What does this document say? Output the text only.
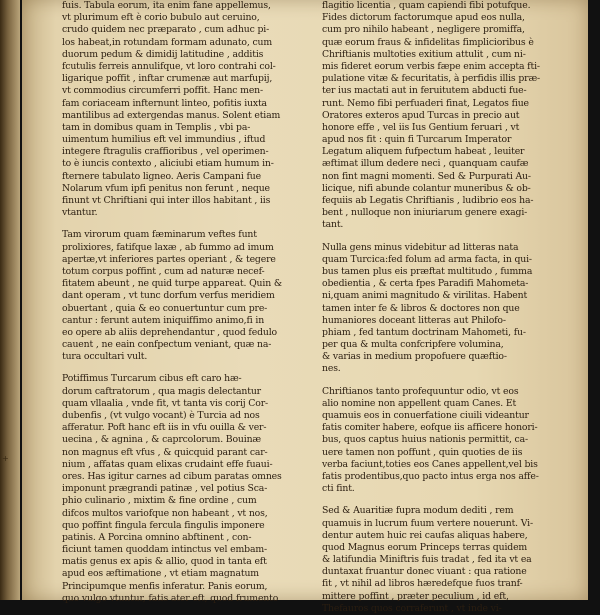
fuis. Tabula eorum, ita enim fane appellemus,
vt plurimum eft è corio bubulo aut ceruino,
crudo quidem nec præparato , cum adhuc pi-
los habeat,in rotundam formam adunato, cum
duorum pedum & dimidij latitudine , additis
fcutulis ferreis annulifque, vt loro contrahi col-
ligarique poffit , inftar crumenæ aut marfupij,
vt commodius circumferri poffit. Hanc men-
fam coriaceam infternunt linteo, pofitis iuxta
mantilibus ad extergendas manus. Solent etiam
tam in domibus quam in Templis , vbi pa-
uimentum humilius eft vel immundius , iftud
integere ftragulis craffioribus , vel operimen-
to è iuncis contexto , aliciubi etiam humum in-
fternere tabulato ligneo. Aeris Campani fue
Nolarum vfum ipfi penitus non ferunt , neque
finunt vt Chriftiani qui inter illos habitant , iis
vtantur.
Tam virorum quam fæminarum veftes funt
prolixiores, fatifque laxæ , ab fummo ad imum
apertæ,vt inferiores partes operiant , & tegere
totum corpus poffint , cum ad naturæ necef-
fitatem abeunt , ne quid turpe appareat. Quin &
dant operam , vt tunc dorfum verfus meridiem
obuertant , quia & eo conuertuntur cum pre-
cantur : ferunt autem iniquiffimo animo,fi in
eo opere ab aliis deprehendantur , quod fedulo
cauent , ne eain confpectum veniant, quæ na-
tura occultari vult.
Potiffimus Turcarum cibus eft caro hæ-
dorum caftratorum , qua magis delectantur
quam vllaalia , vnde fit, vt tanta vis corij Cor-
dubenfis , (vt vulgo vocant) è Turcia ad nos
afferatur. Poft hanc eft iis in vfu ouilla & ver-
uecina , & agnina , & caprcolorum. Bouinæ
non magnus eft vfus , & quicquid parant car-
nium , affatas quam elixas crudaint effe fuaui-
ores. Has igitur carnes ad cibum paratas omnes
imponunt prægrandi patinæ , vel potius Sca-
phio culinario , mixtim & fine ordine , cum
difcos multos variofque non habeant , vt nos,
quo poffint fingula fercula fingulis imponere
patinis. A Porcina omnino abftinent , con-
ficiunt tamen quoddam intinctus vel embam-
matis genus ex apis & allio, quod in tanta eft
apud eos æftimatione , vt etiam magnatum
Principumque menfis inferatur. Panis eorum,
quo vulgo vtuntur, fatis ater eft, quod frumento
flagitio licentia , quam capiendi fibi potufque.
Fides dictorum factorumque apud eos nulla,
cum pro nihilo habeant , negligere promiffa,
quæ eorum fraus & infidelitas fimplicioribus è
Chriftianis multoties exitium attulit , cum ni-
mis fideret eorum verbis fæpe enim accepta fti-
pulatione vitæ & fecuritatis, à perfidis illis præ-
ter ius mactati aut in feruitutem abducti fue-
runt. Nemo fibi perfuaderi finat, Legatos fiue
Oratores exteros apud Turcas in precio aut
honore effe , vel iis Ius Gentium feruari , vt
apud nos fit : quin fi Turcarum Imperator
Legatum aliquem fufpectum habeat , leuiter
æftimat illum dedere neci , quanquam caufæ
non fint magni momenti. Sed & Purpurati Au-
licique, nifi abunde colantur muneribus & ob-
fequiis ab Legatis Chriftianis , ludibrio eos ha-
bent , nulloque non iniuriarum genere exagi-
tant.
Nulla gens minus videbitur ad litteras nata
quam Turcica:fed folum ad arma facta, in qui-
bus tamen plus eis præftat multitudo , fumma
obedientia , & certa fpes Paradifi Mahometa-
ni,quam animi magnitudo & virilitas. Habent
tamen inter fe & libros & doctores non que
humaniores doceant litteras aut Philofo-
phiam , fed tantum doctrinam Mahometi, fu-
per qua & multa confcripfere volumina,
& varias in medium propofuere quæftio-
nes.
Chriftianos tanto profequuntur odio, vt eos
alio nomine non appellent quam Canes. Et
quamuis eos in conuerfatione ciuili videantur
fatis comiter habere, eofque iis afficere honori-
bus, quos captus huius nationis permittit, ca-
uere tamen non poffunt , quin quoties de iis
verba faciunt,toties eos Canes appellent,vel bis
fatis prodentibus,quo pacto intus erga nos affe-
cti fint.
Sed & Auaritiæ fupra modum dediti , rem
quamuis in lucrum fuum vertere nouerunt. Vi-
dentur autem huic rei caufas aliquas habere,
quod Magnus eorum Princeps terras quidem
& latifundia Miniftris fuis tradat , fed ita vt ea
duntaxat fruantur donec viuant : qua ratione
fit , vt nihil ad libros hæredefque fuos tranf-
mittere poffint , præter peculium , id eft,
Thefauros quos corraferunt , vt inde vi-
+
